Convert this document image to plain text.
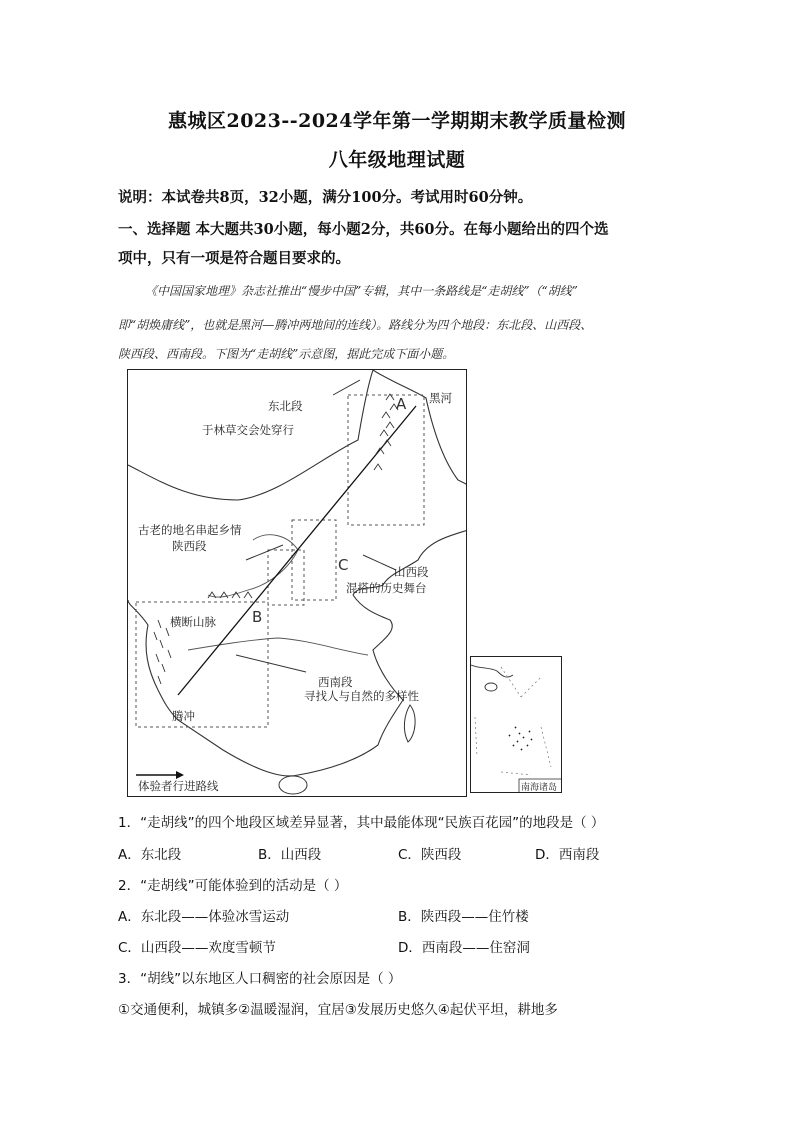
惠城区2023--2024学年第一学期期末教学质量检测
八年级地理试题
说明：本试卷共8页，32小题，满分100分。考试用时60分钟。
一、选择题 本大题共30小题，每小题2分，共60分。在每小题给出的四个选
项中，只有一项是符合题目要求的。
《中国国家地理》杂志社推出“慢步中国”专辑，其中一条路线是“走胡线”（“胡线”
即“胡焕庸线”，也就是黑河—腾冲两地间的连线）。路线分为四个地段：东北段、山西段、
陕西段、西南段。下图为“走胡线”示意图，据此完成下面小题。
东北段
于林草交会处穿行
黑河
A
古老的地名串起乡情
陕西段
C	山西段
混搭的历史舞台
横断山脉 B
西南段
寻找人与自然的多样性
腾冲
体验者行进路线	南海诸岛
1．“走胡线”的四个地段区域差异显著，其中最能体现“民族百花园”的地段是（ ）
A．东北段	B．山西段	C．陕西段	D．西南段
2．“走胡线”可能体验到的活动是（ ）
A．东北段——体验冰雪运动	B．陕西段——住竹楼
C．山西段——欢度雪顿节	D．西南段——住窑洞
3．“胡线”以东地区人口稠密的社会原因是（ ）
①交通便利，城镇多②温暖湿润，宜居③发展历史悠久④起伏平坦，耕地多
